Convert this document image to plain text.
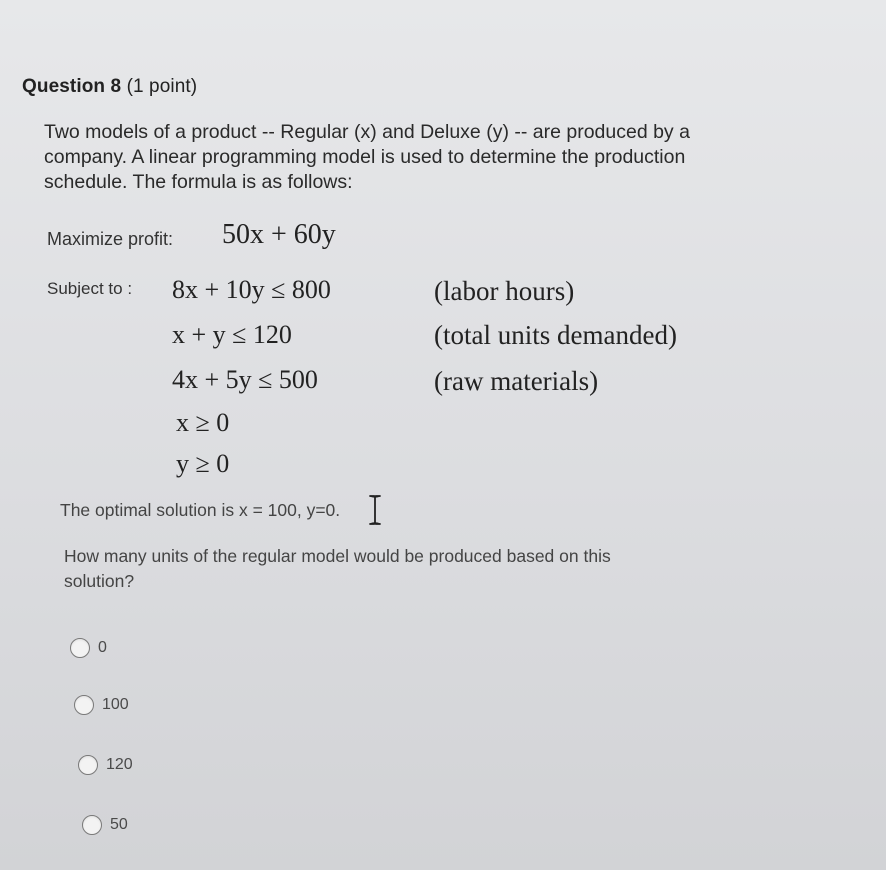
Question 8 (1 point)
Two models of a product -- Regular (x) and Deluxe (y) -- are produced by a
company. A linear programming model is used to determine the production
schedule. The formula is as follows:
Maximize profit: 50x + 60y
Subject to : 8x + 10y ≤ 800	(labor hours)
x + y ≤ 120	(total units demanded)
4x + 5y ≤ 500	(raw materials)
x ≥ 0
y ≥ 0
The optimal solution is x = 100, y=0.
How many units of the regular model would be produced based on this
solution?
0
100
120
50
